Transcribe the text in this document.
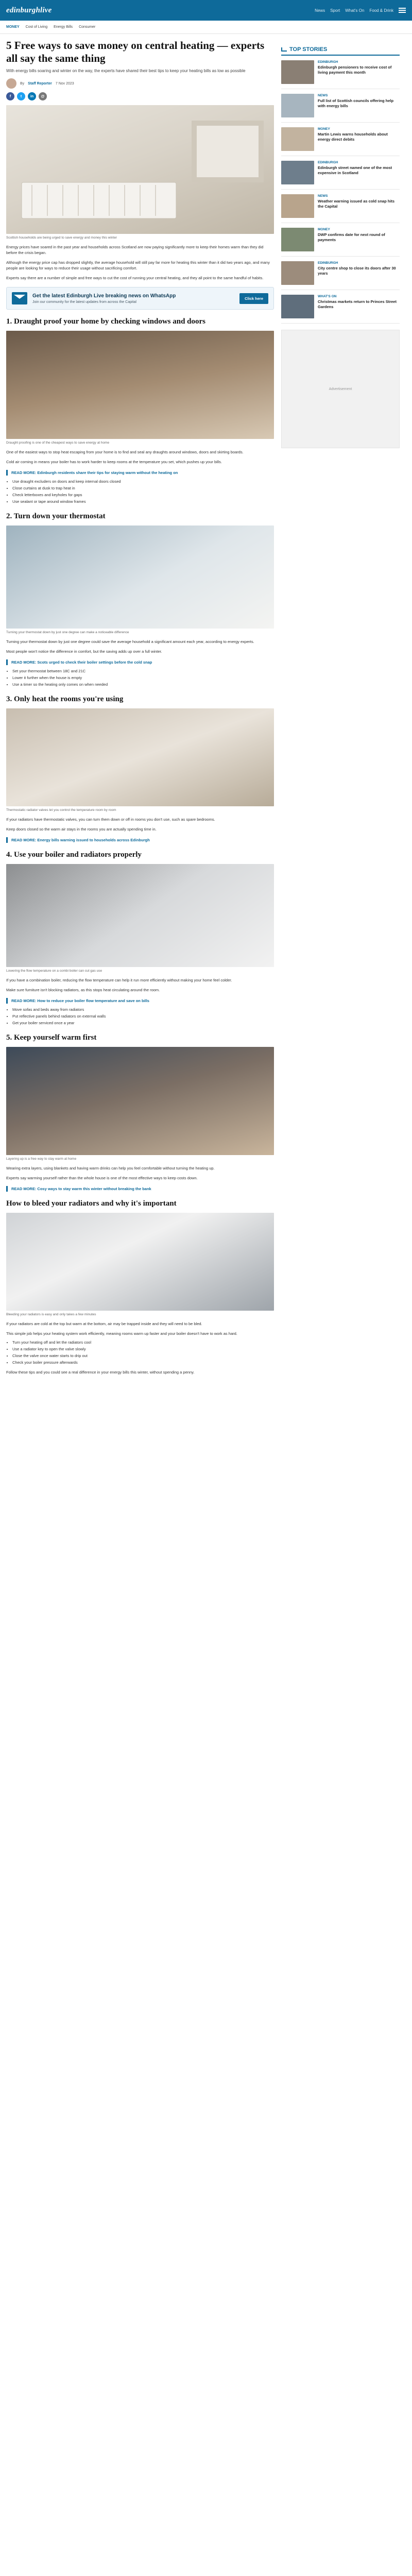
edinburghlive	News Sport What's On Food & Drink
MONEY Cost of Living Energy Bills Consumer
5 Free ways to save money on central heating — experts all say the same thing

With energy bills soaring and winter on the way, the experts have shared their best tips to keep your heating bills as low as possible

By Staff Reporter 7 Nov 2023
f	t	in	@

Scottish households are being urged to save energy and money this winter

Energy prices have soared in the past year and households across Scotland are now paying significantly more to keep their homes warm than they did before the crisis began.

Although the energy price cap has dropped slightly, the average household will still pay far more for heating this winter than it did two years ago, and many people are looking for ways to reduce their usage without sacrificing comfort.

Experts say there are a number of simple and free ways to cut the cost of running your central heating, and they all point to the same handful of habits.

Get the latest Edinburgh Live breaking news on WhatsApp
Join our community for the latest updates from across the Capital
Click here
1. Draught proof your home by checking windows and doors

Draught proofing is one of the cheapest ways to save energy at home

One of the easiest ways to stop heat escaping from your home is to find and seal any draughts around windows, doors and skirting boards.

Cold air coming in means your boiler has to work harder to keep rooms at the temperature you set, which pushes up your bills.

READ MORE: Edinburgh residents share their tips for staying warm without the heating on
• Use draught excluders on doors and keep internal doors closed
• Close curtains at dusk to trap heat in
• Check letterboxes and keyholes for gaps
• Use sealant or tape around window frames
2. Turn down your thermostat

Turning your thermostat down by just one degree can make a noticeable difference

Turning your thermostat down by just one degree could save the average household a significant amount each year, according to energy experts.

Most people won't notice the difference in comfort, but the saving adds up over a full winter.

READ MORE: Scots urged to check their boiler settings before the cold snap
• Set your thermostat between 18C and 21C
• Lower it further when the house is empty
• Use a timer so the heating only comes on when needed
3. Only heat the rooms you're using

Thermostatic radiator valves let you control the temperature room by room

If your radiators have thermostatic valves, you can turn them down or off in rooms you don't use, such as spare bedrooms.

Keep doors closed so the warm air stays in the rooms you are actually spending time in.

READ MORE: Energy bills warning issued to households across Edinburgh
4. Use your boiler and radiators properly

Lowering the flow temperature on a combi boiler can cut gas use

If you have a combination boiler, reducing the flow temperature can help it run more efficiently without making your home feel colder.

Make sure furniture isn't blocking radiators, as this stops heat circulating around the room.

READ MORE: How to reduce your boiler flow temperature and save on bills
• Move sofas and beds away from radiators
• Put reflective panels behind radiators on external walls
• Get your boiler serviced once a year
5. Keep yourself warm first

Layering up is a free way to stay warm at home

Wearing extra layers, using blankets and having warm drinks can help you feel comfortable without turning the heating up.

Experts say warming yourself rather than the whole house is one of the most effective ways to keep costs down.

READ MORE: Cosy ways to stay warm this winter without breaking the bank
How to bleed your radiators and why it's important

Bleeding your radiators is easy and only takes a few minutes

If your radiators are cold at the top but warm at the bottom, air may be trapped inside and they will need to be bled.

This simple job helps your heating system work efficiently, meaning rooms warm up faster and your boiler doesn't have to work as hard.

• Turn your heating off and let the radiators cool
• Use a radiator key to open the valve slowly
• Close the valve once water starts to drip out
• Check your boiler pressure afterwards

Follow these tips and you could see a real difference in your energy bills this winter, without spending a penny.

TOP STORIES
EDINBURGH
Edinburgh pensioners to receive cost of living payment this month
NEWS
Full list of Scottish councils offering help with energy bills
MONEY
Martin Lewis warns households about energy direct debits
EDINBURGH
Edinburgh street named one of the most expensive in Scotland
NEWS
Weather warning issued as cold snap hits the Capital
MONEY
DWP confirms date for next round of payments
EDINBURGH
City centre shop to close its doors after 30 years
WHAT'S ON
Christmas markets return to Princes Street Gardens
Advertisement
